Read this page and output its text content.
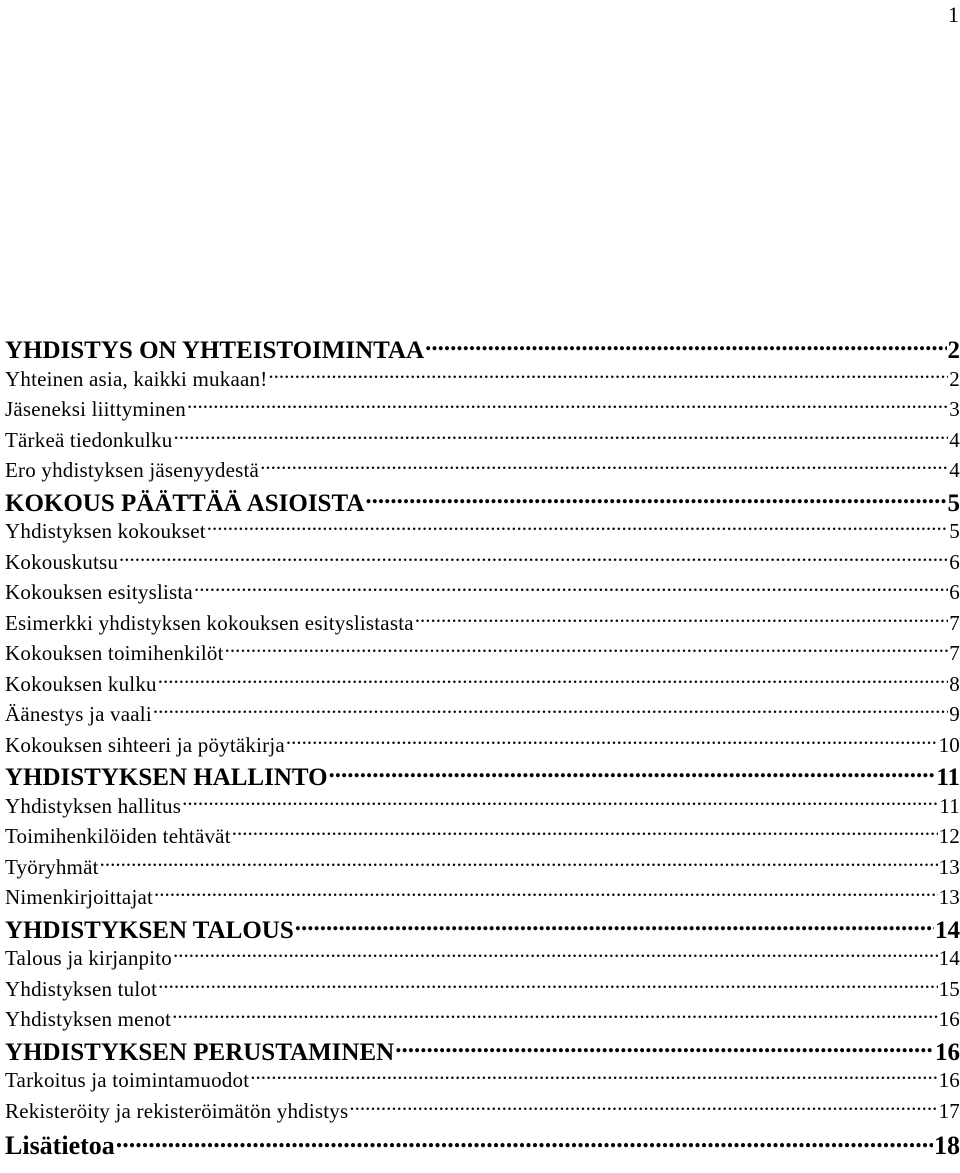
1
YHDISTYS ON YHTEISTOIMINTAA .....	2
Yhteinen asia, kaikki mukaan! .....	2
Jäseneksi liittyminen .....	3
Tärkeä tiedonkulku .....	4
Ero yhdistyksen jäsenyydestä .....	4
KOKOUS PÄÄTTÄÄ ASIOISTA .....	5
Yhdistyksen kokoukset .....	5
Kokouskutsu .....	6
Kokouksen esityslista .....	6
Esimerkki yhdistyksen kokouksen esityslistasta .....	7
Kokouksen toimihenkilöt .....	7
Kokouksen kulku .....	8
Äänestys ja vaali .....	9
Kokouksen sihteeri ja pöytäkirja .....	10
YHDISTYKSEN HALLINTO .....	11
Yhdistyksen hallitus .....	11
Toimihenkilöiden tehtävät .....	12
Työryhmät .....	13
Nimenkirjoittajat .....	13
YHDISTYKSEN TALOUS .....	14
Talous ja kirjanpito .....	14
Yhdistyksen tulot .....	15
Yhdistyksen menot .....	16
YHDISTYKSEN PERUSTAMINEN .....	16
Tarkoitus ja toimintamuodot .....	16
Rekisteröity ja rekisteröimätön yhdistys .....	17
Lisätietoa .....	18
